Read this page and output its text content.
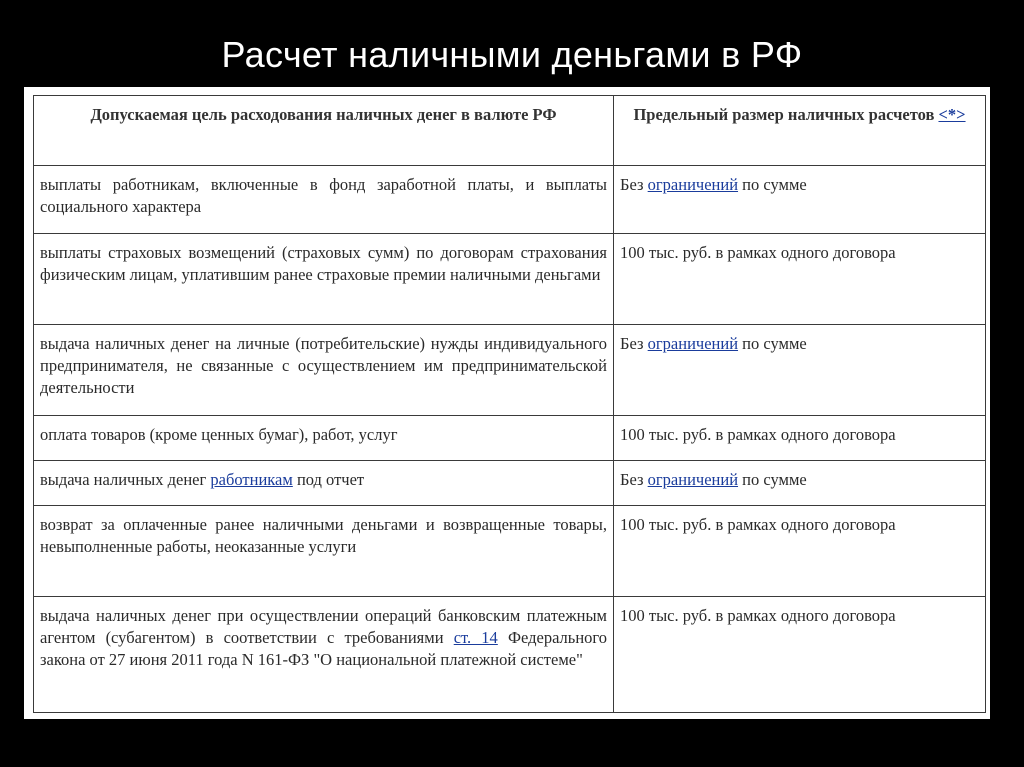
Расчет наличными деньгами в РФ
Допускаемая цель расходования наличных денег в валюте РФ	Предельный размер наличных расчетов <*>
выплаты работникам, включенные в фонд заработной платы, и выплаты социального характера	Без ограничений по сумме
выплаты страховых возмещений (страховых сумм) по договорам страхования физическим лицам, уплатившим ранее страховые премии наличными деньгами	100 тыс. руб. в рамках одного договора
выдача наличных денег на личные (потребительские) нужды индивидуального предпринимателя, не связанные с осуществлением им предпринимательской деятельности	Без ограничений по сумме
оплата товаров (кроме ценных бумаг), работ, услуг	100 тыс. руб. в рамках одного договора
выдача наличных денег работникам под отчет	Без ограничений по сумме
возврат за оплаченные ранее наличными деньгами и возвращенные товары, невыполненные работы, неоказанные услуги	100 тыс. руб. в рамках одного договора
выдача наличных денег при осуществлении операций банковским платежным агентом (субагентом) в соответствии с требованиями ст. 14 Федерального закона от 27 июня 2011 года N 161-ФЗ "О национальной платежной системе"	100 тыс. руб. в рамках одного договора
